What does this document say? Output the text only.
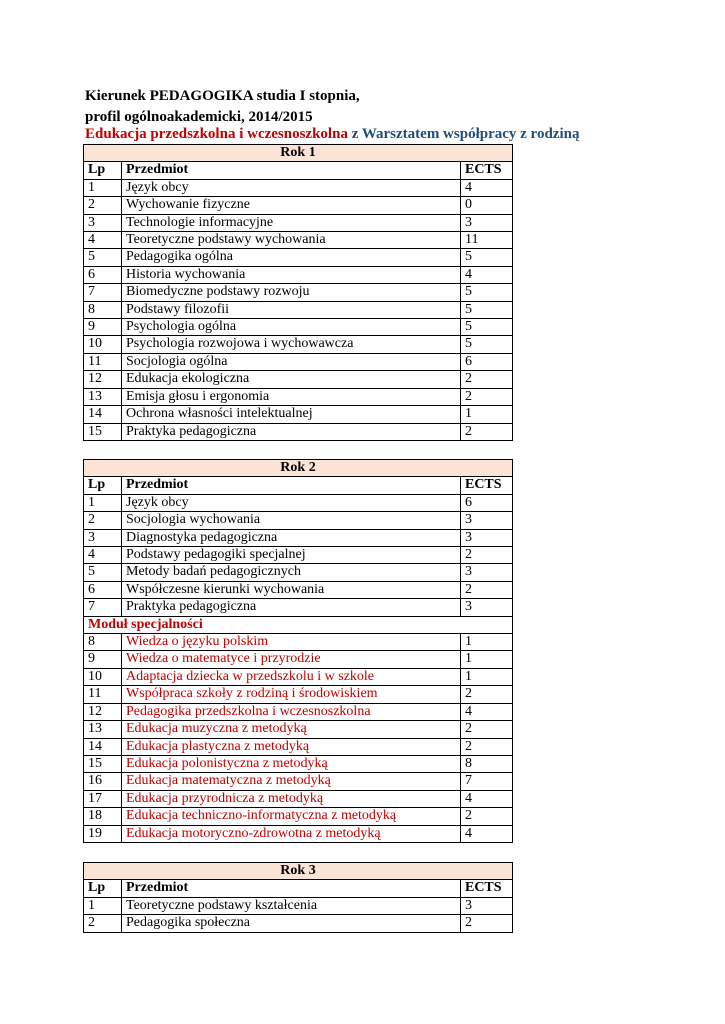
Kierunek PEDAGOGIKA studia I stopnia,
profil ogólnoakademicki, 2014/2015
Edukacja przedszkolna i wczesnoszkolna z Warsztatem współpracy z rodziną
Rok 1		
Lp	Przedmiot	ECTS
1	Język obcy	4
2	Wychowanie fizyczne	0
3	Technologie informacyjne	3
4	Teoretyczne podstawy wychowania	11
5	Pedagogika ogólna	5
6	Historia wychowania	4
7	Biomedyczne podstawy rozwoju	5
8	Podstawy filozofii	5
9	Psychologia ogólna	5
10	Psychologia rozwojowa i wychowawcza	5
11	Socjologia ogólna	6
12	Edukacja ekologiczna	2
13	Emisja głosu i ergonomia	2
14	Ochrona własności intelektualnej	1
15	Praktyka pedagogiczna	2
Rok 2		
Lp	Przedmiot	ECTS
1	Język obcy	6
2	Socjologia wychowania	3
3	Diagnostyka pedagogiczna	3
4	Podstawy pedagogiki specjalnej	2
5	Metody badań pedagogicznych	3
6	Współczesne kierunki wychowania	2
7	Praktyka pedagogiczna	3
Moduł specjalności		
8	Wiedza o języku polskim	1
9	Wiedza o matematyce i przyrodzie	1
10	Adaptacja dziecka w przedszkolu i w szkole	1
11	Współpraca szkoły z rodziną i środowiskiem	2
12	Pedagogika przedszkolna i wczesnoszkolna	4
13	Edukacja muzyczna z metodyką	2
14	Edukacja plastyczna z metodyką	2
15	Edukacja polonistyczna z metodyką	8
16	Edukacja matematyczna z metodyką	7
17	Edukacja przyrodnicza z metodyką	4
18	Edukacja techniczno-informatyczna z metodyką	2
19	Edukacja motoryczno-zdrowotna z metodyką	4
Rok 3		
Lp	Przedmiot	ECTS
1	Teoretyczne podstawy kształcenia	3
2	Pedagogika społeczna	2
